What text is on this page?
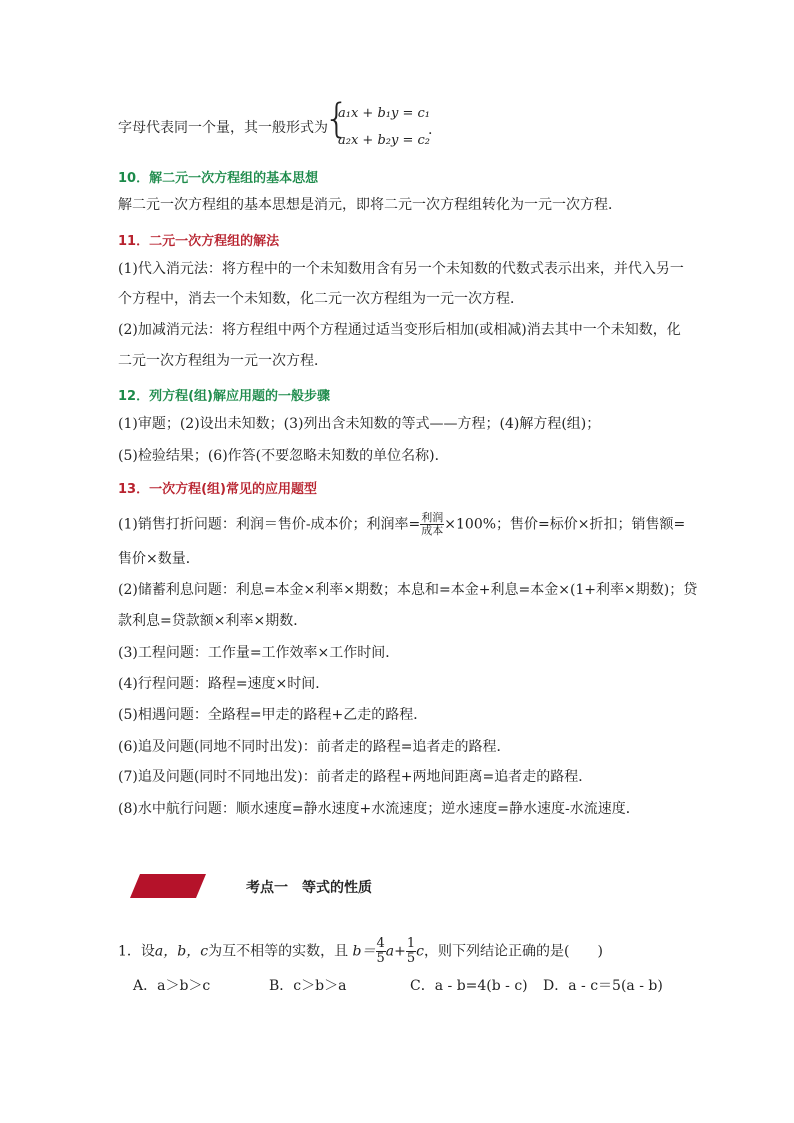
字母代表同一个量，其一般形式为
{
a₁x + b₁y = c₁
a₂x + b₂y = c₂
.
10．解二元一次方程组的基本思想
解二元一次方程组的基本思想是消元，即将二元一次方程组转化为一元一次方程．
11．二元一次方程组的解法
(1)代入消元法：将方程中的一个未知数用含有另一个未知数的代数式表示出来，并代入另一
个方程中，消去一个未知数，化二元一次方程组为一元一次方程．
(2)加减消元法：将方程组中两个方程通过适当变形后相加(或相减)消去其中一个未知数，化
二元一次方程组为一元一次方程．
12．列方程(组)解应用题的一般步骤
(1)审题；(2)设出未知数；(3)列出含未知数的等式——方程；(4)解方程(组)；
(5)检验结果；(6)作答(不要忽略未知数的单位名称)．
13．一次方程(组)常见的应用题型
(1)销售打折问题：利润＝售价-成本价；利润率= $\frac{\text{利润}}{\text{成本}} \times 100\%$；售价=标价×折扣；销售额=
售价×数量．
(2)储蓄利息问题：利息=本金×利率×期数；本息和=本金+利息=本金×(1+利率×期数)；贷
款利息=贷款额×利率×期数．
(3)工程问题：工作量=工作效率×工作时间．
(4)行程问题：路程=速度×时间．
(5)相遇问题：全路程=甲走的路程+乙走的路程．
(6)追及问题(同地不同时出发)：前者走的路程=追者走的路程．
(7)追及问题(同时不同地出发)：前者走的路程+两地间距离=追者走的路程．
(8)水中航行问题：顺水速度=静水速度+水流速度；逆水速度=静水速度-水流速度．
考点一　等式的性质
1．设a，b，c为互不相等的实数，且 $b= \frac{4}{5} a+ \frac{1}{5}$ c，则下列结论正确的是(　　)
A．a＞b＞c	B．c＞b＞a	C．a - b=4(b - c) D．a - c＝5(a - b)
